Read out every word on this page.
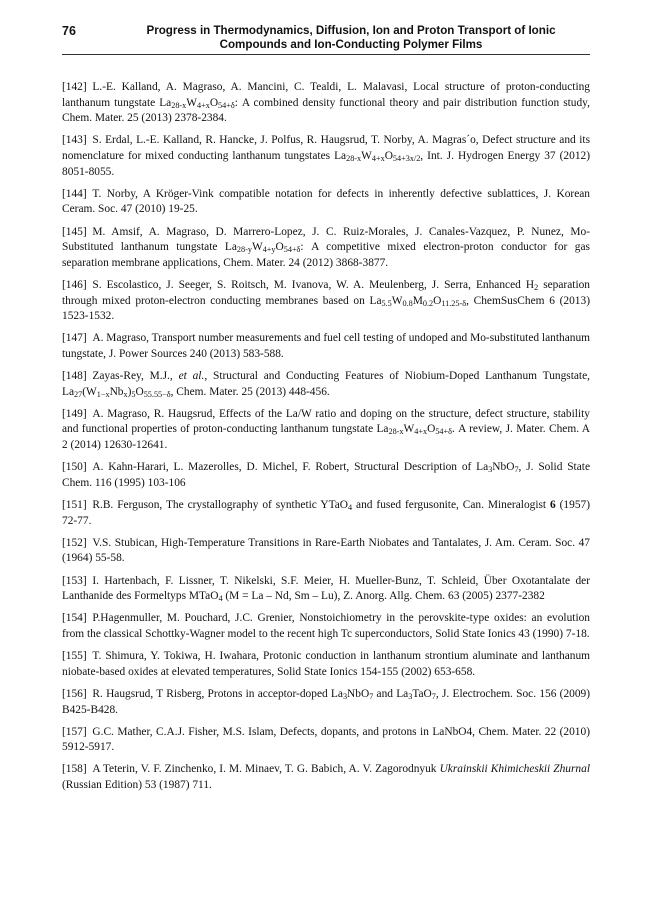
76	Progress in Thermodynamics, Diffusion, Ion and Proton Transport of Ionic
Compounds and Ion-Conducting Polymer Films

[142]  L.-E. Kalland, A. Magraso, A. Mancini, C. Tealdi, L. Malavasi, Local structure of proton-conducting lanthanum tungstate $La_{28-x}W_{4+x}O_{54+\delta}$: A combined density functional theory and pair distribution function study, Chem. Mater. 25 (2013) 2378-2384.

[143]  S. Erdal, L.-E. Kalland, R. Hancke, J. Polfus, R. Haugsrud, T. Norby, A. Magras´o, Defect structure and its nomenclature for mixed conducting lanthanum tungstates $La_{28-x}W_{4+x}O_{54+3x/2}$, Int. J. Hydrogen Energy 37 (2012) 8051-8055.

[144]  T. Norby, A Kröger-Vink compatible notation for defects in inherently defective sublattices, J. Korean Ceram. Soc. 47 (2010) 19-25.

[145]  M. Amsif, A. Magraso, D. Marrero-Lopez, J. C. Ruiz-Morales, J. Canales-Vazquez, P. Nunez, Mo-Substituted lanthanum tungstate $La_{28-y}W_{4+y}O_{54+\delta}$: A competitive mixed electron-proton conductor for gas separation membrane applications, Chem. Mater. 24 (2012) 3868-3877.

[146]  S. Escolastico, J. Seeger, S. Roitsch, M. Ivanova, W. A. Meulenberg, J. Serra, Enhanced $H_2$ separation through mixed proton-electron conducting membranes based on $La_{5.5}W_{0.8}M_{0.2}O_{11.25-\delta}$, ChemSusChem 6 (2013) 1523-1532.

[147]  A. Magraso, Transport number measurements and fuel cell testing of undoped and Mo-substituted lanthanum tungstate, J. Power Sources 240 (2013) 583-588.

[148]  Zayas-Rey, M.J., et al., Structural and Conducting Features of Niobium-Doped Lanthanum Tungstate, $La_{27}(W_{1-x}Nb_x)_5O_{55.55-\delta}$, Chem. Mater. 25 (2013) 448-456.

[149]  A. Magraso, R. Haugsrud, Effects of the La/W ratio and doping on the structure, defect structure, stability and functional properties of proton-conducting lanthanum tungstate $La_{28-x}W_{4+x}O_{54+\delta}$. A review, J. Mater. Chem. A 2 (2014) 12630-12641.

[150]  A. Kahn-Harari, L. Mazerolles, D. Michel, F. Robert, Structural Description of $La_3NbO_7$, J. Solid State Chem. 116 (1995) 103-106

[151]  R.B. Ferguson, The crystallography of synthetic YTaO$_4$ and fused fergusonite, Can. Mineralogist 6 (1957) 72-77.

[152]  V.S. Stubican, High-Temperature Transitions in Rare-Earth Niobates and Tantalates, J. Am. Ceram. Soc. 47 (1964) 55-58.

[153]  I. Hartenbach, F. Lissner, T. Nikelski, S.F. Meier, H. Mueller-Bunz, T. Schleid, Über Oxotantalate der Lanthanide des Formeltyps MTaO$_4$ (M = La – Nd, Sm – Lu), Z. Anorg. Allg. Chem. 63 (2005) 2377-2382

[154]  P.Hagenmuller, M. Pouchard, J.C. Grenier, Nonstoichiometry in the perovskite-type oxides: an evolution from the classical Schottky-Wagner model to the recent high Tc superconductors, Solid State Ionics 43 (1990) 7-18.

[155]  T. Shimura, Y. Tokiwa, H. Iwahara, Protonic conduction in lanthanum strontium aluminate and lanthanum niobate-based oxides at elevated temperatures, Solid State Ionics 154-155 (2002) 653-658.

[156]  R. Haugsrud, T Risberg, Protons in acceptor-doped $La_3NbO_7$ and $La_3TaO_7$, J. Electrochem. Soc. 156 (2009) B425-B428.

[157]  G.C. Mather, C.A.J. Fisher, M.S. Islam, Defects, dopants, and protons in LaNbO4, Chem. Mater. 22 (2010) 5912-5917.

[158]  A Teterin, V. F. Zinchenko, I. M. Minaev, T. G. Babich, A. V. Zagorodnyuk Ukrainskii Khimicheskii Zhurnal (Russian Edition) 53 (1987) 711.
